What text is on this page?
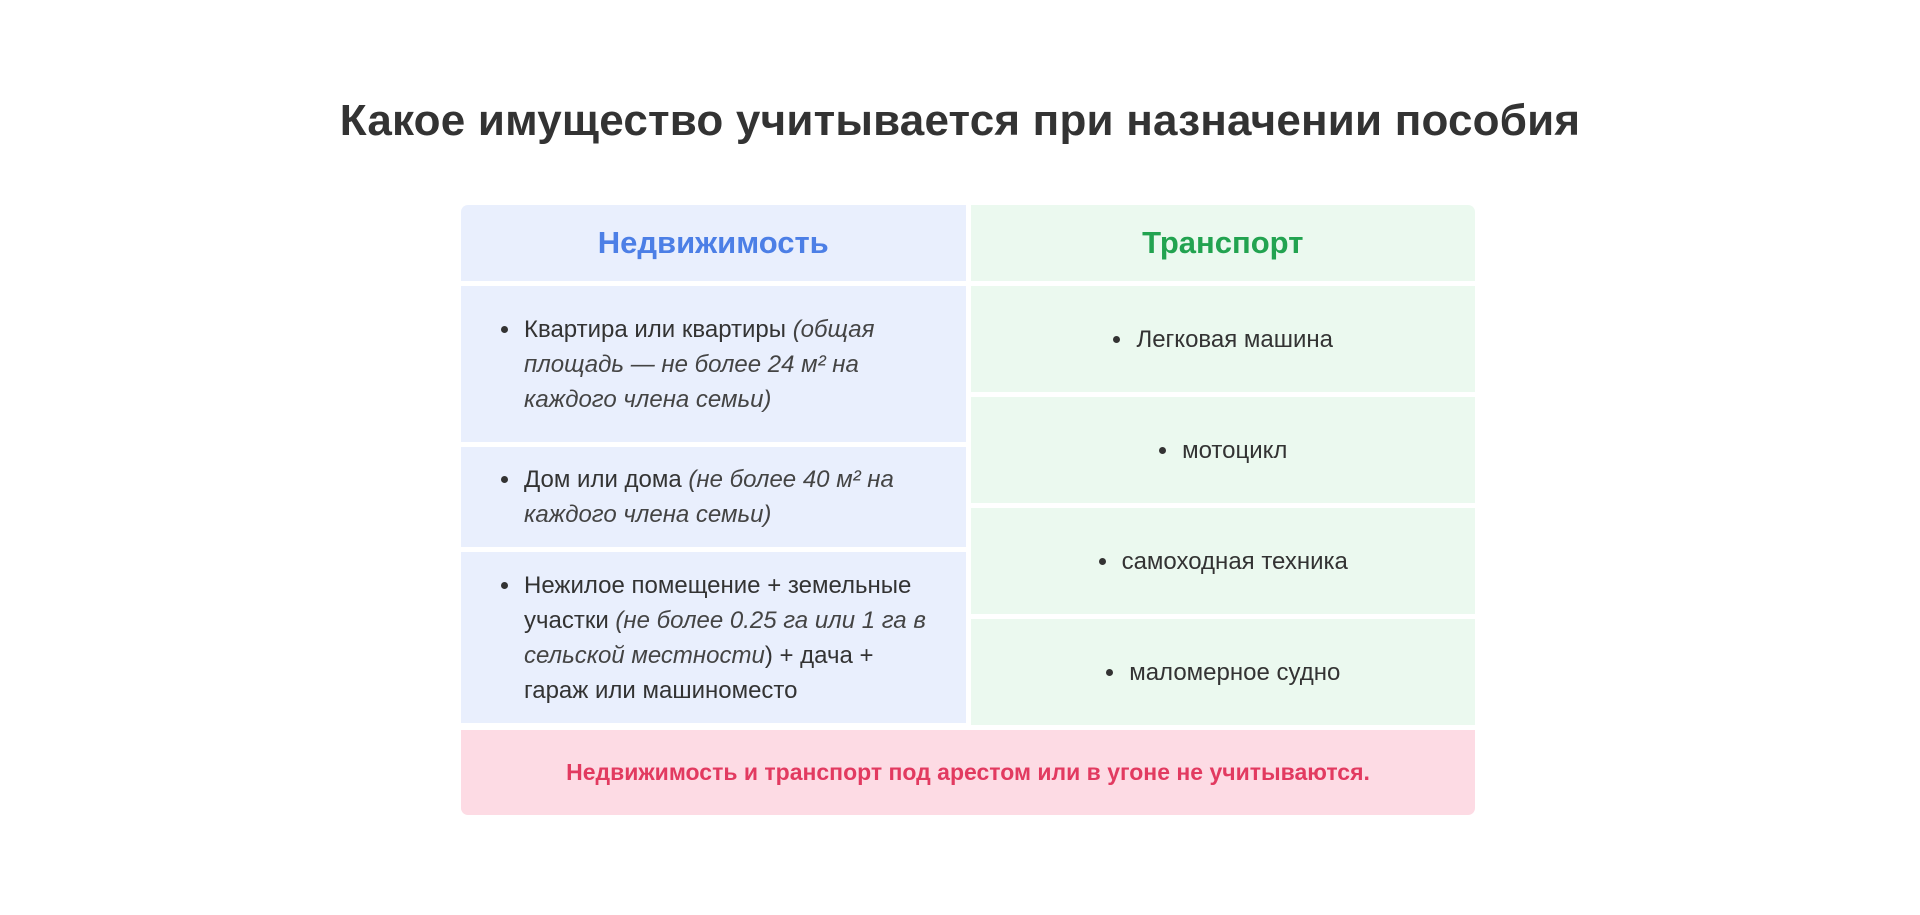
Какое имущество учитывается при назначении пособия
Недвижимость
• Квартира или квартиры (общая площадь — не более 24 м² на каждого члена семьи)
• Дом или дома (не более 40 м² на каждого члена семьи)
• Нежилое помещение + земельные участки (не более 0.25 га или 1 га в сельской местности) + дача + гараж или машиноместо
Транспорт
• Легковая машина
• мотоцикл
• самоходная техника
• маломерное судно
Недвижимость и транспорт под арестом или в угоне не учитываются.
